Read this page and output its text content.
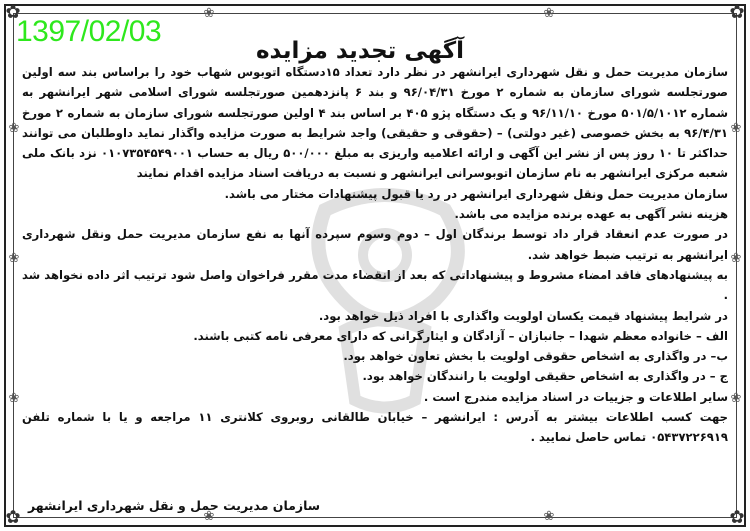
✿	✿
✿	✿
❀
❀
❀
❀
❀
❀
❀	❀
❀	❀
1397/02/03
آگهی تجدید مزایده

سازمان مدیریت حمل و نقل شهرداری ایرانشهر در نظر دارد تعداد ۱۵دستگاه اتوبوس شهاب خود را براساس بند سه اولین صورتجلسه شورای سازمان به شماره ۲ مورخ ۹۶/۰۴/۳۱ و بند ۶ پانزدهمین صورتجلسه شورای اسلامی شهر ایرانشهر به شماره ۵۰۱/۵/۱۰۱۲ مورخ ۹۶/۱۱/۱۰ و یک دستگاه پژو ۴۰۵ بر اساس بند ۴ اولین صورتجلسه شورای سازمان به شماره ۲ مورخ ۹۶/۴/۳۱ به بخش خصوصی (غیر دولتی) – (حقوقی و حقیقی) واجد شرایط به صورت مزایده واگذار نماید داوطلبان می توانند حداکثر تا ۱۰ روز پس از نشر این آگهی و ارائه اعلامیه واریزی به مبلغ ۵۰۰/۰۰۰ ریال به حساب ۰۱۰۷۳۵۴۵۴۹۰۰۱ نزد بانک ملی شعبه مرکزی ایرانشهر به نام سازمان اتوبوسرانی ایرانشهر و نسبت به دریافت اسناد مزایده اقدام نمایند

سازمان مدیریت حمل ونقل شهرداری ایرانشهر در رد یا قبول پیشنهادات مختار می باشد.

هزینه نشر آگهی به عهده برنده مزایده می باشد.

در صورت عدم انعقاد قرار داد توسط برندگان اول – دوم وسوم سپرده آنها به نفع سازمان مدیریت حمل ونقل شهرداری ایرانشهر به ترتیب ضبط خواهد شد.

به پیشنهادهای فاقد امضاء مشروط و پیشنهاداتی که بعد از انقضاء مدت مقرر فراخوان واصل شود ترتیب اثر داده نخواهد شد .

در شرایط پیشنهاد قیمت یکسان اولویت واگذاری با افراد ذیل خواهد بود.

الف – خانواده معظم شهدا – جانبازان – آزادگان و ایثارگرانی که دارای معرفی نامه کتبی باشند.

ب– در واگذاری به اشخاص حقوقی اولویت با بخش تعاون خواهد بود.

ج – در واگذاری به اشخاص حقیقی اولویت با رانندگان خواهد بود.

سایر اطلاعات و جزییات در اسناد مزایده مندرج است .

جهت کسب اطلاعات بیشتر به آدرس : ایرانشهر – خیابان طالقانی روبروی کلانتری ۱۱ مراجعه و یا با شماره تلفن ۰۵۴۳۷۲۲۶۹۱۹ تماس حاصل نمایید .

سازمان مدیریت حمل و نقل شهرداری ایرانشهر
